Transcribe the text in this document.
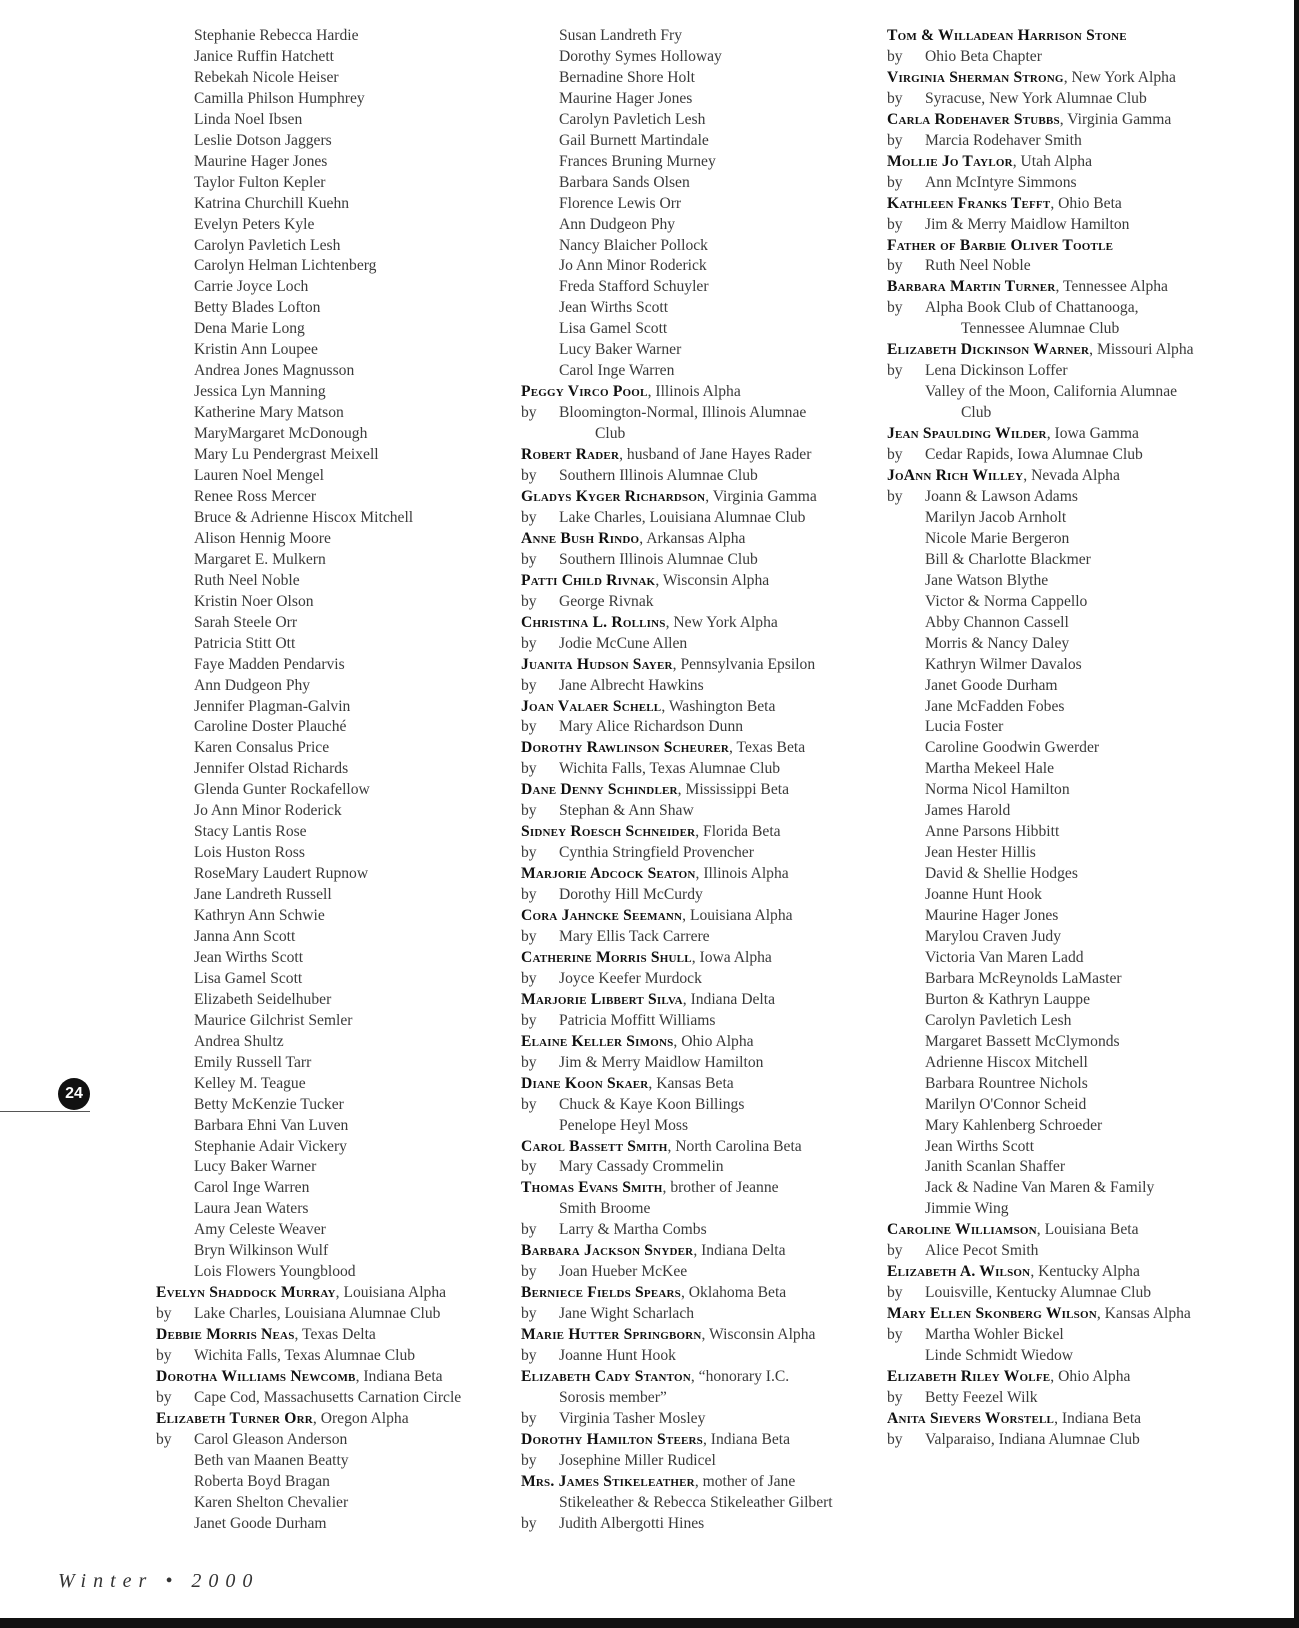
Stephanie Rebecca Hardie
Janice Ruffin Hatchett
Rebekah Nicole Heiser
Camilla Philson Humphrey
Linda Noel Ibsen
Leslie Dotson Jaggers
Maurine Hager Jones
Taylor Fulton Kepler
Katrina Churchill Kuehn
Evelyn Peters Kyle
Carolyn Pavletich Lesh
Carolyn Helman Lichtenberg
Carrie Joyce Loch
Betty Blades Lofton
Dena Marie Long
Kristin Ann Loupee
Andrea Jones Magnusson
Jessica Lyn Manning
Katherine Mary Matson
MaryMargaret McDonough
Mary Lu Pendergrast Meixell
Lauren Noel Mengel
Renee Ross Mercer
Bruce & Adrienne Hiscox Mitchell
Alison Hennig Moore
Margaret E. Mulkern
Ruth Neel Noble
Kristin Noer Olson
Sarah Steele Orr
Patricia Stitt Ott
Faye Madden Pendarvis
Ann Dudgeon Phy
Jennifer Plagman-Galvin
Caroline Doster Plauché
Karen Consalus Price
Jennifer Olstad Richards
Glenda Gunter Rockafellow
Jo Ann Minor Roderick
Stacy Lantis Rose
Lois Huston Ross
RoseMary Laudert Rupnow
Jane Landreth Russell
Kathryn Ann Schwie
Janna Ann Scott
Jean Wirths Scott
Lisa Gamel Scott
Elizabeth Seidelhuber
Maurice Gilchrist Semler
Andrea Shultz
Emily Russell Tarr
Kelley M. Teague
Betty McKenzie Tucker
Barbara Ehni Van Luven
Stephanie Adair Vickery
Lucy Baker Warner
Carol Inge Warren
Laura Jean Waters
Amy Celeste Weaver
Bryn Wilkinson Wulf
Lois Flowers Youngblood
Evelyn Shaddock Murray, Louisiana Alpha
by Lake Charles, Louisiana Alumnae Club
Debbie Morris Neas, Texas Delta
by Wichita Falls, Texas Alumnae Club
Dorotha Williams Newcomb, Indiana Beta
by Cape Cod, Massachusetts Carnation Circle
Elizabeth Turner Orr, Oregon Alpha
by Carol Gleason Anderson
Beth van Maanen Beatty
Roberta Boyd Bragan
Karen Shelton Chevalier
Janet Goode Durham
Susan Landreth Fry
Dorothy Symes Holloway
Bernadine Shore Holt
Maurine Hager Jones
Carolyn Pavletich Lesh
Gail Burnett Martindale
Frances Bruning Murney
Barbara Sands Olsen
Florence Lewis Orr
Ann Dudgeon Phy
Nancy Blaicher Pollock
Jo Ann Minor Roderick
Freda Stafford Schuyler
Jean Wirths Scott
Lisa Gamel Scott
Lucy Baker Warner
Carol Inge Warren
Peggy Virco Pool, Illinois Alpha
by Bloomington-Normal, Illinois Alumnae
Club
Robert Rader, husband of Jane Hayes Rader
by Southern Illinois Alumnae Club
Gladys Kyger Richardson, Virginia Gamma
by Lake Charles, Louisiana Alumnae Club
Anne Bush Rindo, Arkansas Alpha
by Southern Illinois Alumnae Club
Patti Child Rivnak, Wisconsin Alpha
by George Rivnak
Christina L. Rollins, New York Alpha
by Jodie McCune Allen
Juanita Hudson Sayer, Pennsylvania Epsilon
by Jane Albrecht Hawkins
Joan Valaer Schell, Washington Beta
by Mary Alice Richardson Dunn
Dorothy Rawlinson Scheurer, Texas Beta
by Wichita Falls, Texas Alumnae Club
Dane Denny Schindler, Mississippi Beta
by Stephan & Ann Shaw
Sidney Roesch Schneider, Florida Beta
by Cynthia Stringfield Provencher
Marjorie Adcock Seaton, Illinois Alpha
by Dorothy Hill McCurdy
Cora Jahncke Seemann, Louisiana Alpha
by Mary Ellis Tack Carrere
Catherine Morris Shull, Iowa Alpha
by Joyce Keefer Murdock
Marjorie Libbert Silva, Indiana Delta
by Patricia Moffitt Williams
Elaine Keller Simons, Ohio Alpha
by Jim & Merry Maidlow Hamilton
Diane Koon Skaer, Kansas Beta
by Chuck & Kaye Koon Billings
Penelope Heyl Moss
Carol Bassett Smith, North Carolina Beta
by Mary Cassady Crommelin
Thomas Evans Smith, brother of Jeanne
Smith Broome
by Larry & Martha Combs
Barbara Jackson Snyder, Indiana Delta
by Joan Hueber McKee
Berniece Fields Spears, Oklahoma Beta
by Jane Wight Scharlach
Marie Hutter Springborn, Wisconsin Alpha
by Joanne Hunt Hook
Elizabeth Cady Stanton, “honorary I.C.
Sorosis member”
by Virginia Tasher Mosley
Dorothy Hamilton Steers, Indiana Beta
by Josephine Miller Rudicel
Mrs. James Stikeleather, mother of Jane
Stikeleather & Rebecca Stikeleather Gilbert
by Judith Albergotti Hines
Tom & Willadean Harrison Stone
by Ohio Beta Chapter
Virginia Sherman Strong, New York Alpha
by Syracuse, New York Alumnae Club
Carla Rodehaver Stubbs, Virginia Gamma
by Marcia Rodehaver Smith
Mollie Jo Taylor, Utah Alpha
by Ann McIntyre Simmons
Kathleen Franks Tefft, Ohio Beta
by Jim & Merry Maidlow Hamilton
Father of Barbie Oliver Tootle
by Ruth Neel Noble
Barbara Martin Turner, Tennessee Alpha
by Alpha Book Club of Chattanooga,
Tennessee Alumnae Club
Elizabeth Dickinson Warner, Missouri Alpha
by Lena Dickinson Loffer
Valley of the Moon, California Alumnae
Club
Jean Spaulding Wilder, Iowa Gamma
by Cedar Rapids, Iowa Alumnae Club
JoAnn Rich Willey, Nevada Alpha
by Joann & Lawson Adams
Marilyn Jacob Arnholt
Nicole Marie Bergeron
Bill & Charlotte Blackmer
Jane Watson Blythe
Victor & Norma Cappello
Abby Channon Cassell
Morris & Nancy Daley
Kathryn Wilmer Davalos
Janet Goode Durham
Jane McFadden Fobes
Lucia Foster
Caroline Goodwin Gwerder
Martha Mekeel Hale
Norma Nicol Hamilton
James Harold
Anne Parsons Hibbitt
Jean Hester Hillis
David & Shellie Hodges
Joanne Hunt Hook
Maurine Hager Jones
Marylou Craven Judy
Victoria Van Maren Ladd
Barbara McReynolds LaMaster
Burton & Kathryn Lauppe
Carolyn Pavletich Lesh
Margaret Bassett McClymonds
Adrienne Hiscox Mitchell
Barbara Rountree Nichols
Marilyn O'Connor Scheid
Mary Kahlenberg Schroeder
Jean Wirths Scott
Janith Scanlan Shaffer
Jack & Nadine Van Maren & Family
Jimmie Wing
Caroline Williamson, Louisiana Beta
by Alice Pecot Smith
Elizabeth A. Wilson, Kentucky Alpha
by Louisville, Kentucky Alumnae Club
Mary Ellen Skonberg Wilson, Kansas Alpha
by Martha Wohler Bickel
Linde Schmidt Wiedow
Elizabeth Riley Wolfe, Ohio Alpha
by Betty Feezel Wilk
Anita Sievers Worstell, Indiana Beta
by Valparaiso, Indiana Alumnae Club
24
Winter • 2000
